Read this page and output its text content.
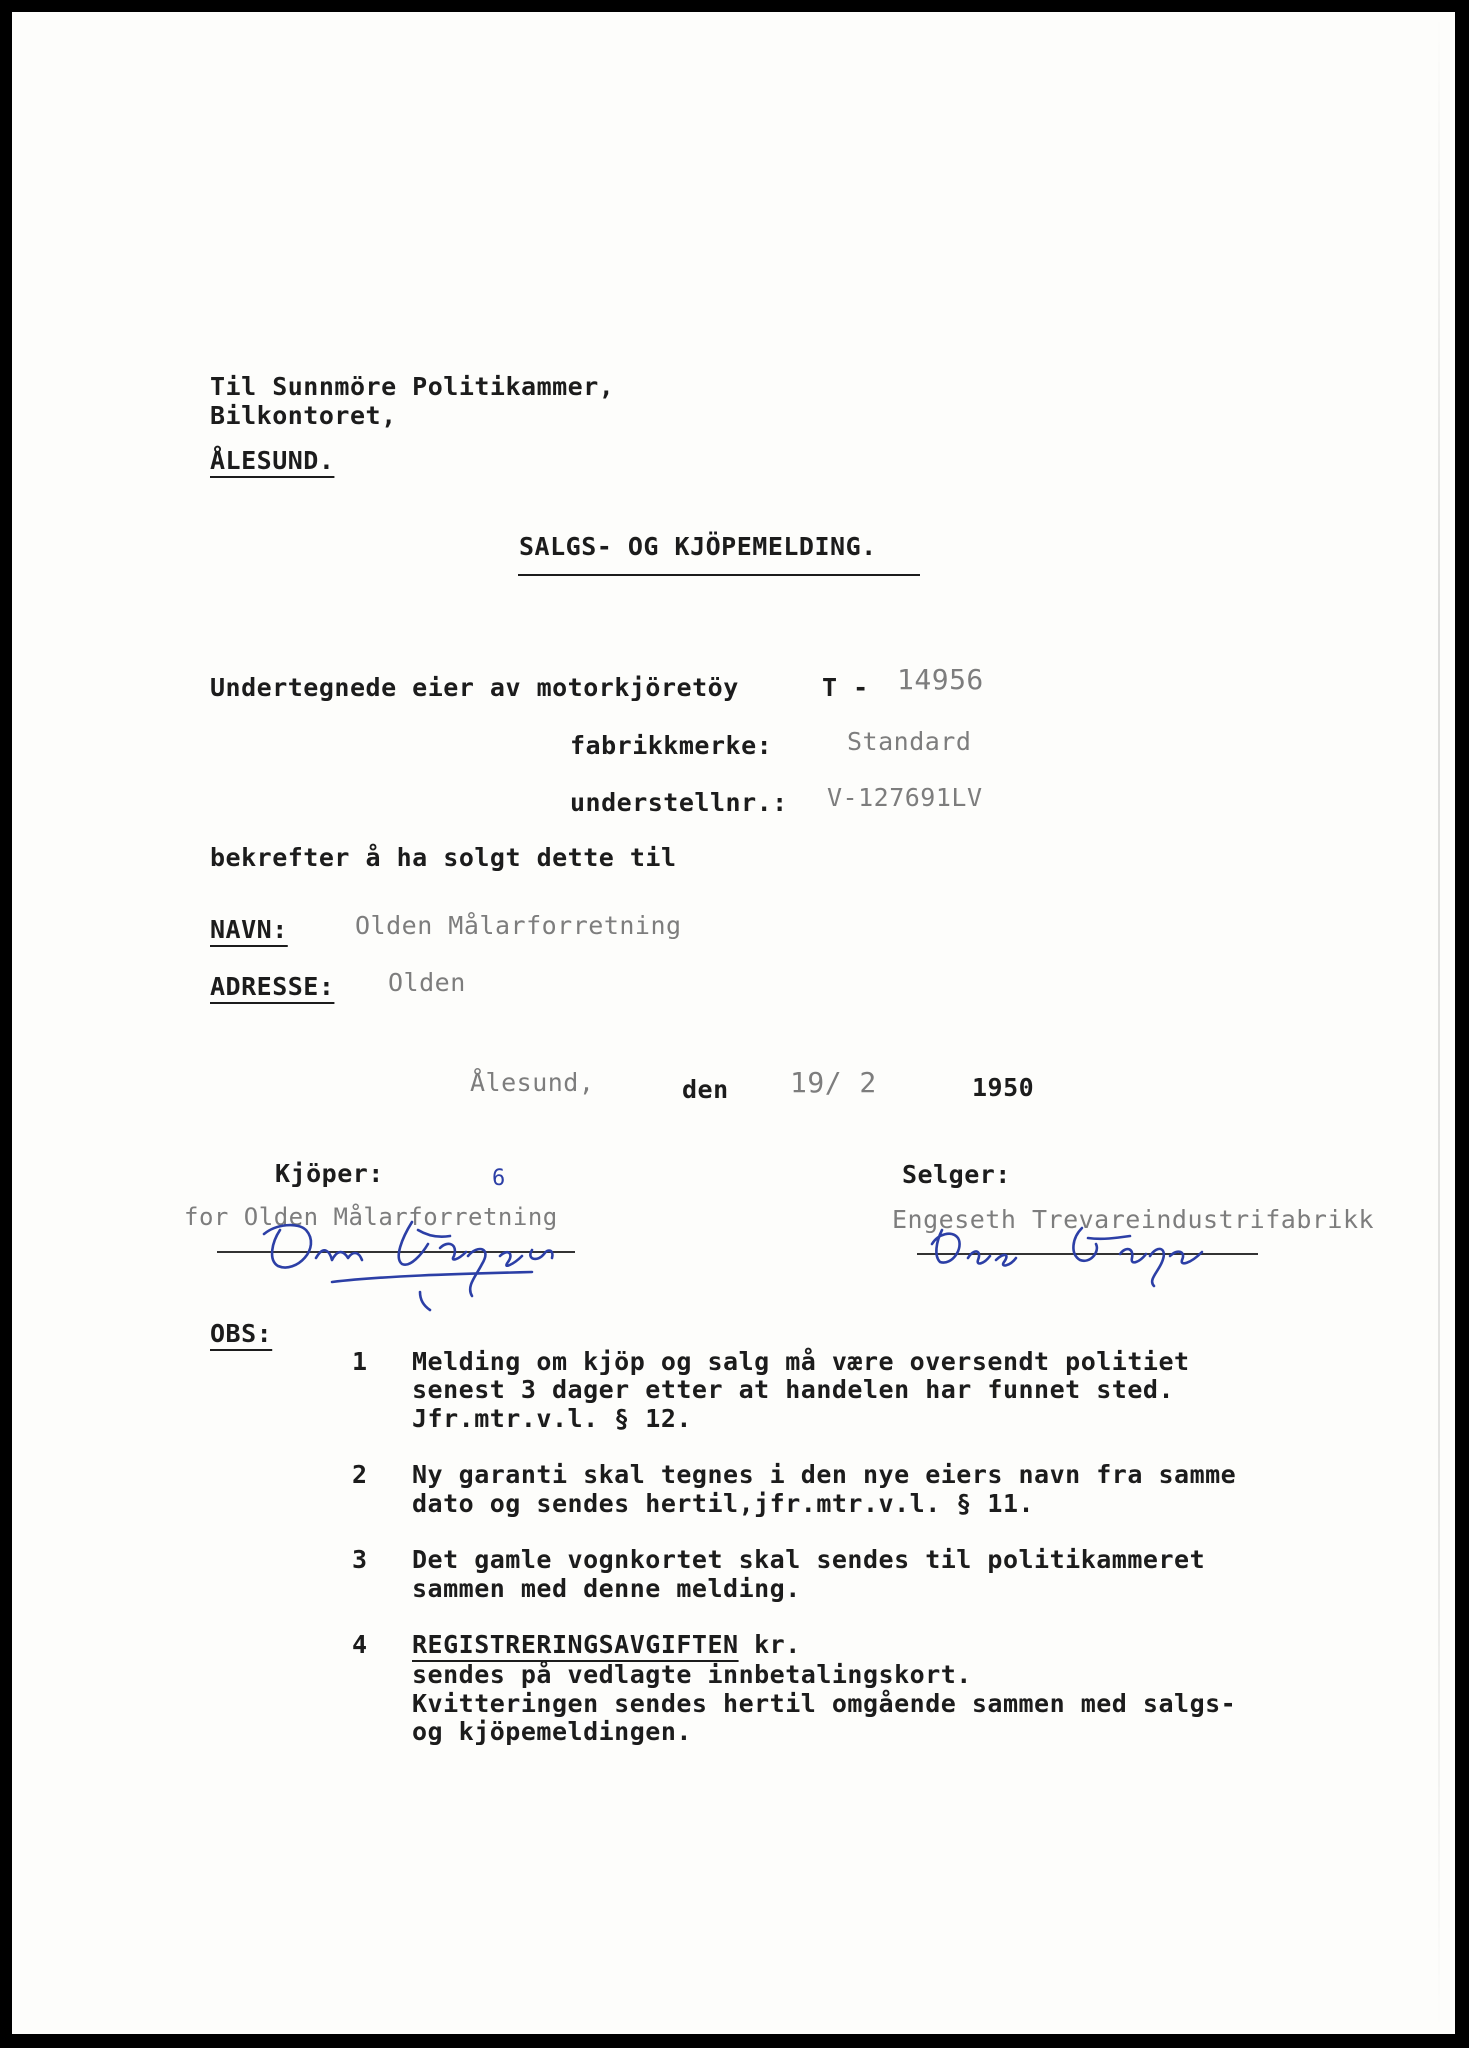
Til Sunnmöre Politikammer,
Bilkontoret,
ÅLESUND.
SALGS- OG KJÖPEMELDING.
Undertegnede eier av motorkjöretöy	T - 14956
fabrikkmerke:	Standard
understellnr.: V-127691LV
bekrefter å ha solgt dette til
NAVN:	Olden Målarforretning
ADRESSE: Olden
Ålesund,	den 19/ 2	1950
Kjöper:	Selger:
6
for Olden Målarforretning	Engeseth Trevareindustrifabrikk
OBS:
1 Melding om kjöp og salg må være oversendt politiet
senest 3 dager etter at handelen har funnet sted.
Jfr.mtr.v.l. § 12.
2 Ny garanti skal tegnes i den nye eiers navn fra samme
dato og sendes hertil,jfr.mtr.v.l. § 11.
3 Det gamle vognkortet skal sendes til politikammeret
sammen med denne melding.
4 REGISTRERINGSAVGIFTEN kr.
sendes på vedlagte innbetalingskort.
Kvitteringen sendes hertil omgående sammen med salgs-
og kjöpemeldingen.
